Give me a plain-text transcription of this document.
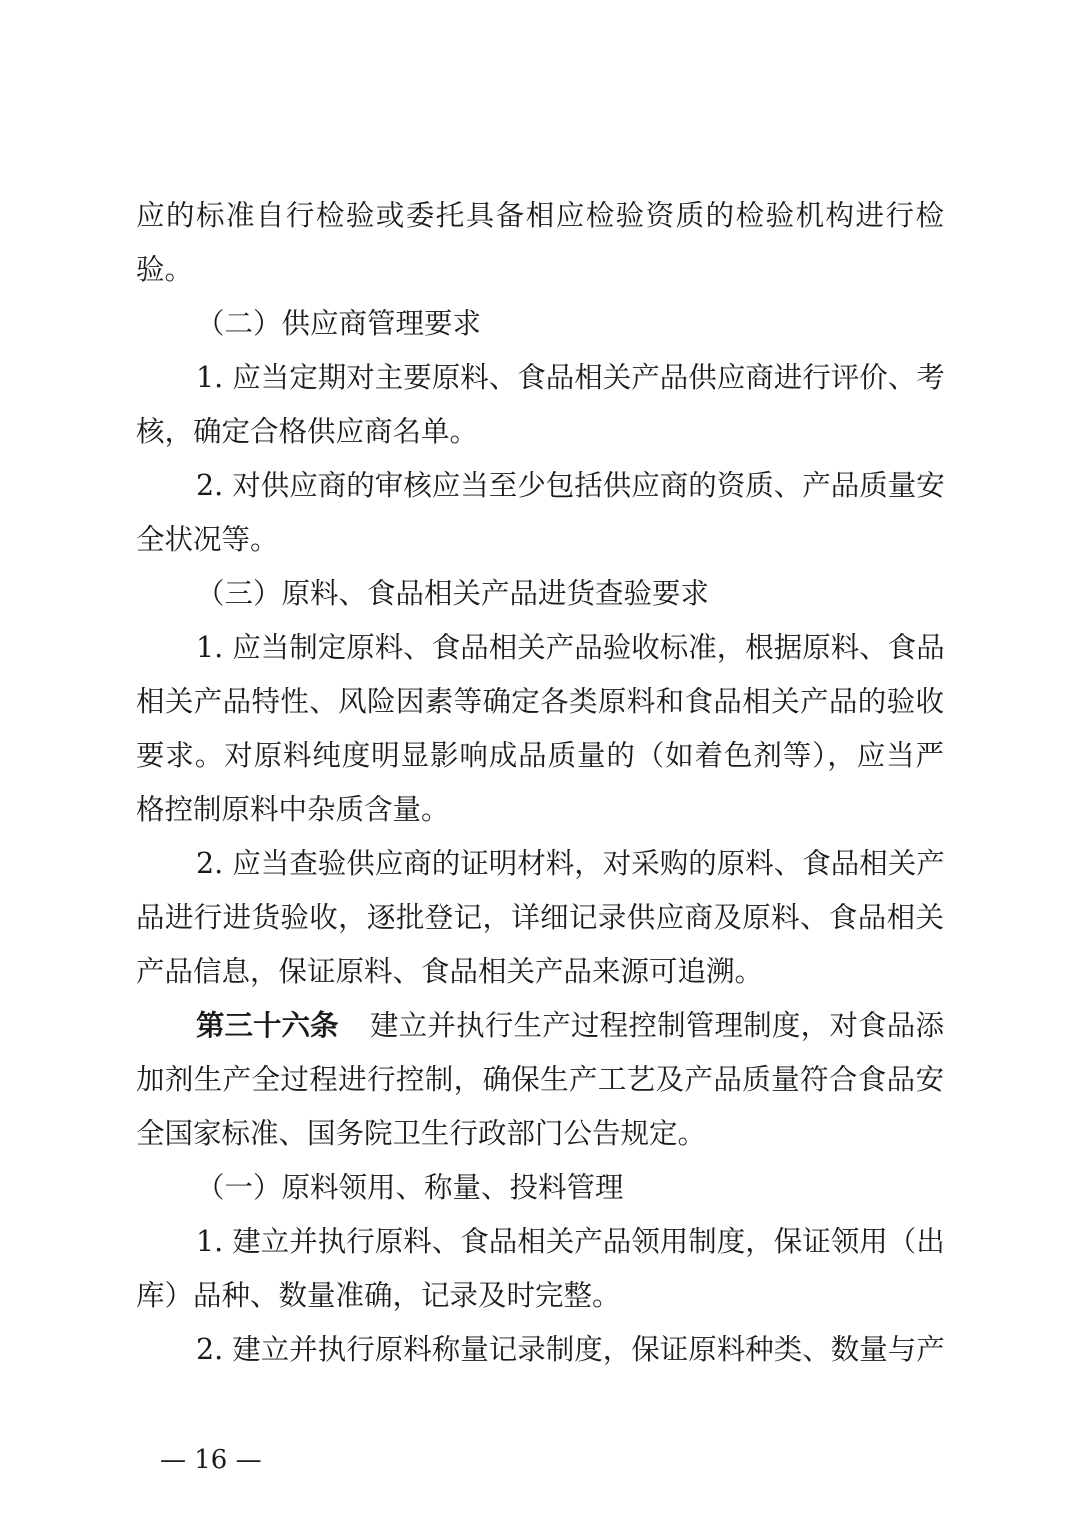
应的标准自行检验或委托具备相应检验资质的检验机构进行检
验。
（二）供应商管理要求
1. 应当定期对主要原料、食品相关产品供应商进行评价、考
核，确定合格供应商名单。
2. 对供应商的审核应当至少包括供应商的资质、产品质量安
全状况等。
（三）原料、食品相关产品进货查验要求
1. 应当制定原料、食品相关产品验收标准，根据原料、食品
相关产品特性、风险因素等确定各类原料和食品相关产品的验收
要求。对原料纯度明显影响成品质量的（如着色剂等），应当严
格控制原料中杂质含量。
2. 应当查验供应商的证明材料，对采购的原料、食品相关产
品进行进货验收，逐批登记，详细记录供应商及原料、食品相关
产品信息，保证原料、食品相关产品来源可追溯。
第三十六条 建立并执行生产过程控制管理制度，对食品添
加剂生产全过程进行控制，确保生产工艺及产品质量符合食品安
全国家标准、国务院卫生行政部门公告规定。
（一）原料领用、称量、投料管理
1. 建立并执行原料、食品相关产品领用制度，保证领用（出
库）品种、数量准确，记录及时完整。
2. 建立并执行原料称量记录制度，保证原料种类、数量与产
— 16 —
